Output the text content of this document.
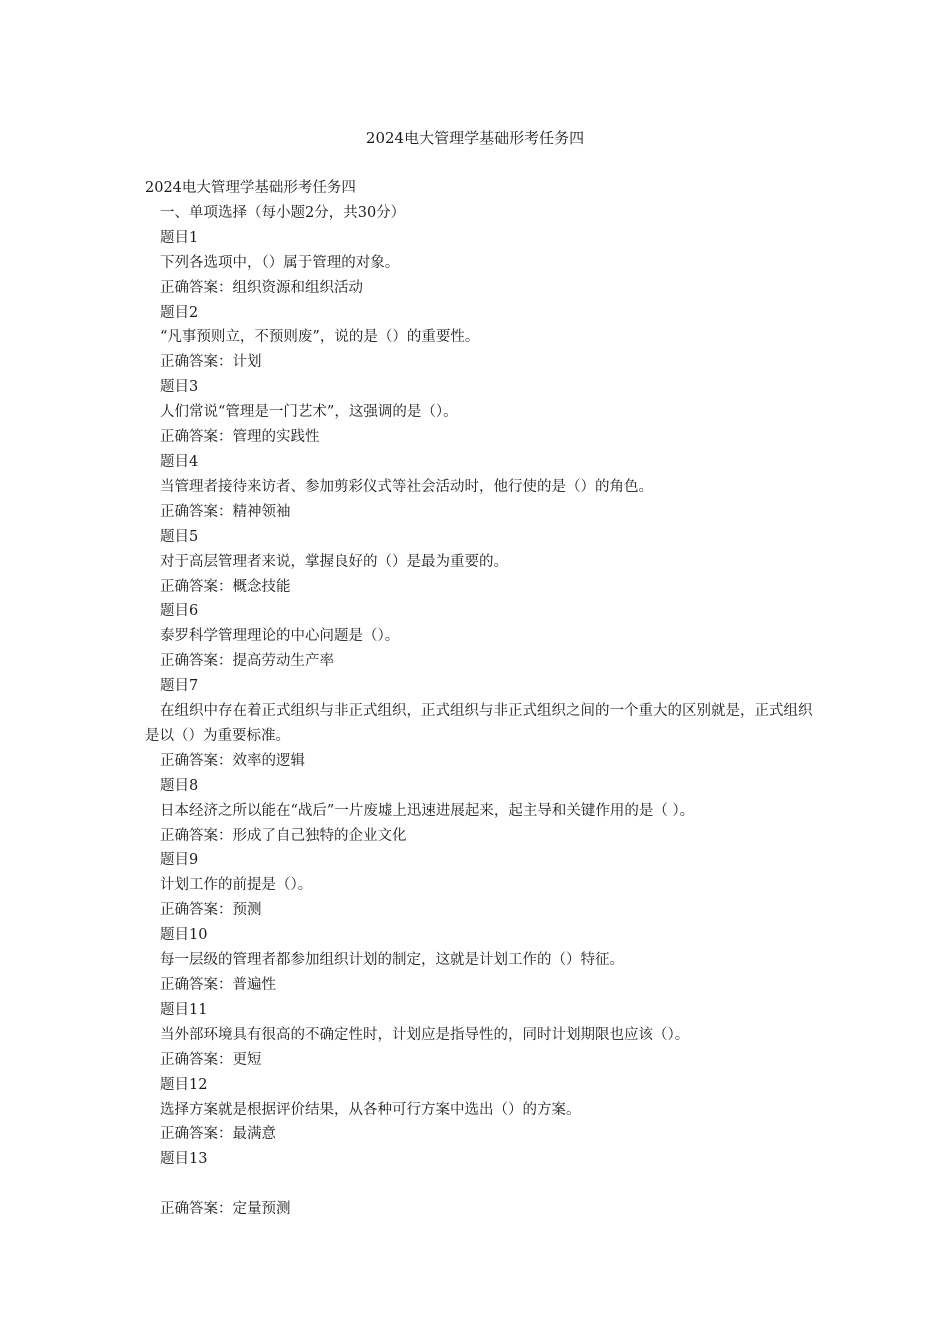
2024电大管理学基础形考任务四
2024电大管理学基础形考任务四
一、单项选择（每小题2分，共30分）
题目1
下列各选项中，（）属于管理的对象。
正确答案：组织资源和组织活动
题目2
“凡事预则立，不预则废”，说的是（）的重要性。
正确答案：计划
题目3
人们常说“管理是一门艺术”，这强调的是（）。
正确答案：管理的实践性
题目4
当管理者接待来访者、参加剪彩仪式等社会活动时，他行使的是（）的角色。
正确答案：精神领袖
题目5
对于高层管理者来说，掌握良好的（）是最为重要的。
正确答案：概念技能
题目6
泰罗科学管理理论的中心问题是（）。
正确答案：提高劳动生产率
题目7
在组织中存在着正式组织与非正式组织，正式组织与非正式组织之间的一个重大的区别就是，正式组织是以（）为重要标准。
正确答案：效率的逻辑
题目8
日本经济之所以能在“战后”一片废墟上迅速进展起来，起主导和关键作用的是（ ）。
正确答案：形成了自己独特的企业文化
题目9
计划工作的前提是（）。
正确答案：预测
题目10
每一层级的管理者都参加组织计划的制定，这就是计划工作的（）特征。
正确答案：普遍性
题目11
当外部环境具有很高的不确定性时，计划应是指导性的，同时计划期限也应该（）。
正确答案：更短
题目12
选择方案就是根据评价结果，从各种可行方案中选出（）的方案。
正确答案：最满意
题目13
正确答案：定量预测
